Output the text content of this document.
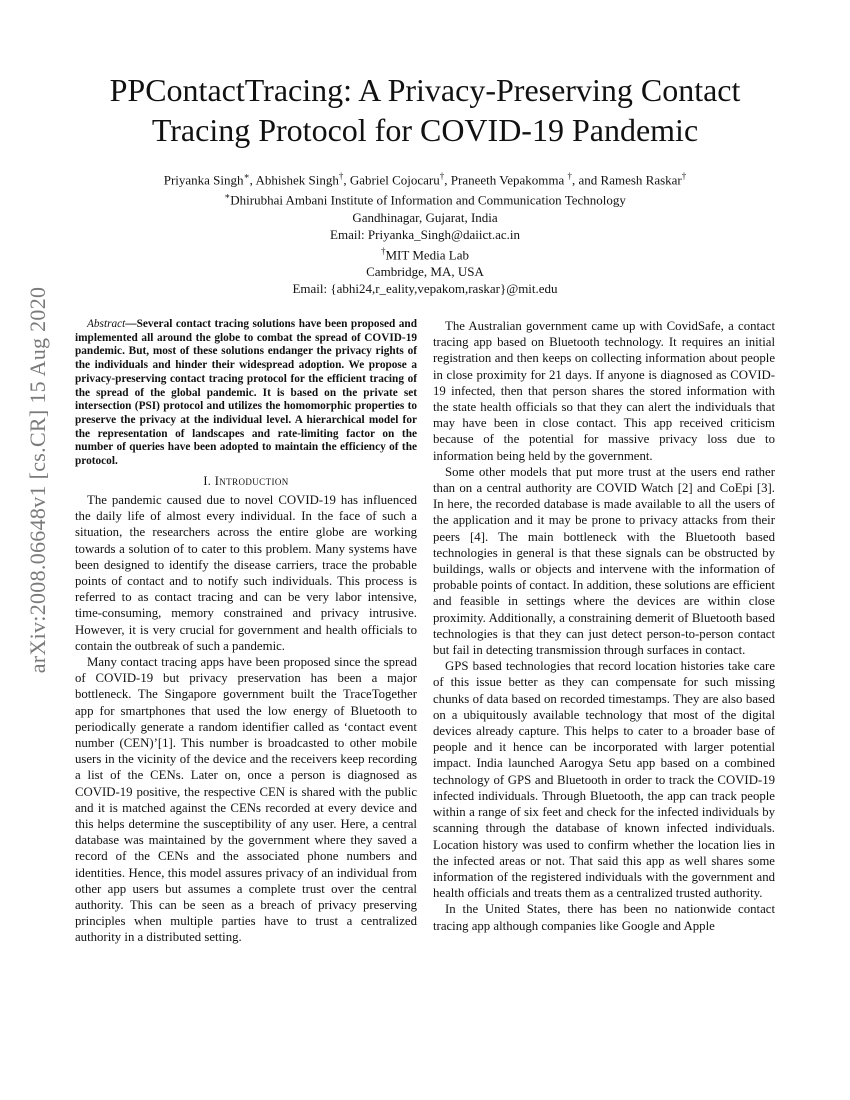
arXiv:2008.06648v1 [cs.CR] 15 Aug 2020
PPContactTracing: A Privacy-Preserving Contact Tracing Protocol for COVID-19 Pandemic
Priyanka Singh∗, Abhishek Singh†, Gabriel Cojocaru†, Praneeth Vepakomma †, and Ramesh Raskar†
∗Dhirubhai Ambani Institute of Information and Communication Technology
Gandhinagar, Gujarat, India
Email: Priyanka_Singh@daiict.ac.in
†MIT Media Lab
Cambridge, MA, USA
Email: {abhi24,r_eality,vepakom,raskar}@mit.edu

Abstract—Several contact tracing solutions have been proposed and implemented all around the globe to combat the spread of COVID-19 pandemic. But, most of these solutions endanger the privacy rights of the individuals and hinder their widespread adoption. We propose a privacy-preserving contact tracing protocol for the efficient tracing of the spread of the global pandemic. It is based on the private set intersection (PSI) protocol and utilizes the homomorphic properties to preserve the privacy at the individual level. A hierarchical model for the representation of landscapes and rate-limiting factor on the number of queries have been adopted to maintain the efficiency of the protocol.

I. Introduction

The pandemic caused due to novel COVID-19 has influenced the daily life of almost every individual. In the face of such a situation, the researchers across the entire globe are working towards a solution of to cater to this problem. Many systems have been designed to identify the disease carriers, trace the probable points of contact and to notify such individuals. This process is referred to as contact tracing and can be very labor intensive, time-consuming, memory constrained and privacy intrusive. However, it is very crucial for government and health officials to contain the outbreak of such a pandemic.

Many contact tracing apps have been proposed since the spread of COVID-19 but privacy preservation has been a major bottleneck. The Singapore government built the TraceTogether app for smartphones that used the low energy of Bluetooth to periodically generate a random identifier called as ‘contact event number (CEN)’[1]. This number is broadcasted to other mobile users in the vicinity of the device and the receivers keep recording a list of the CENs. Later on, once a person is diagnosed as COVID-19 positive, the respective CEN is shared with the public and it is matched against the CENs recorded at every device and this helps determine the susceptibility of any user. Here, a central database was maintained by the government where they saved a record of the CENs and the associated phone numbers and identities. Hence, this model assures privacy of an individual from other app users but assumes a complete trust over the central authority. This can be seen as a breach of privacy preserving principles when multiple parties have to trust a centralized authority in a distributed setting.

The Australian government came up with CovidSafe, a contact tracing app based on Bluetooth technology. It requires an initial registration and then keeps on collecting information about people in close proximity for 21 days. If anyone is diagnosed as COVID-19 infected, then that person shares the stored information with the state health officials so that they can alert the individuals that may have been in close contact. This app received criticism because of the potential for massive privacy loss due to information being held by the government.

Some other models that put more trust at the users end rather than on a central authority are COVID Watch [2] and CoEpi [3]. In here, the recorded database is made available to all the users of the application and it may be prone to privacy attacks from their peers [4]. The main bottleneck with the Bluetooth based technologies in general is that these signals can be obstructed by buildings, walls or objects and intervene with the information of probable points of contact. In addition, these solutions are efficient and feasible in settings where the devices are within close proximity. Additionally, a constraining demerit of Bluetooth based technologies is that they can just detect person-to-person contact but fail in detecting transmission through surfaces in contact.

GPS based technologies that record location histories take care of this issue better as they can compensate for such missing chunks of data based on recorded timestamps. They are also based on a ubiquitously available technology that most of the digital devices already capture. This helps to cater to a broader base of people and it hence can be incorporated with larger potential impact. India launched Aarogya Setu app based on a combined technology of GPS and Bluetooth in order to track the COVID-19 infected individuals. Through Bluetooth, the app can track people within a range of six feet and check for the infected individuals by scanning through the database of known infected individuals. Location history was used to confirm whether the location lies in the infected areas or not. That said this app as well shares some information of the registered individuals with the government and health officials and treats them as a centralized trusted authority.

In the United States, there has been no nationwide contact tracing app although companies like Google and Apple
